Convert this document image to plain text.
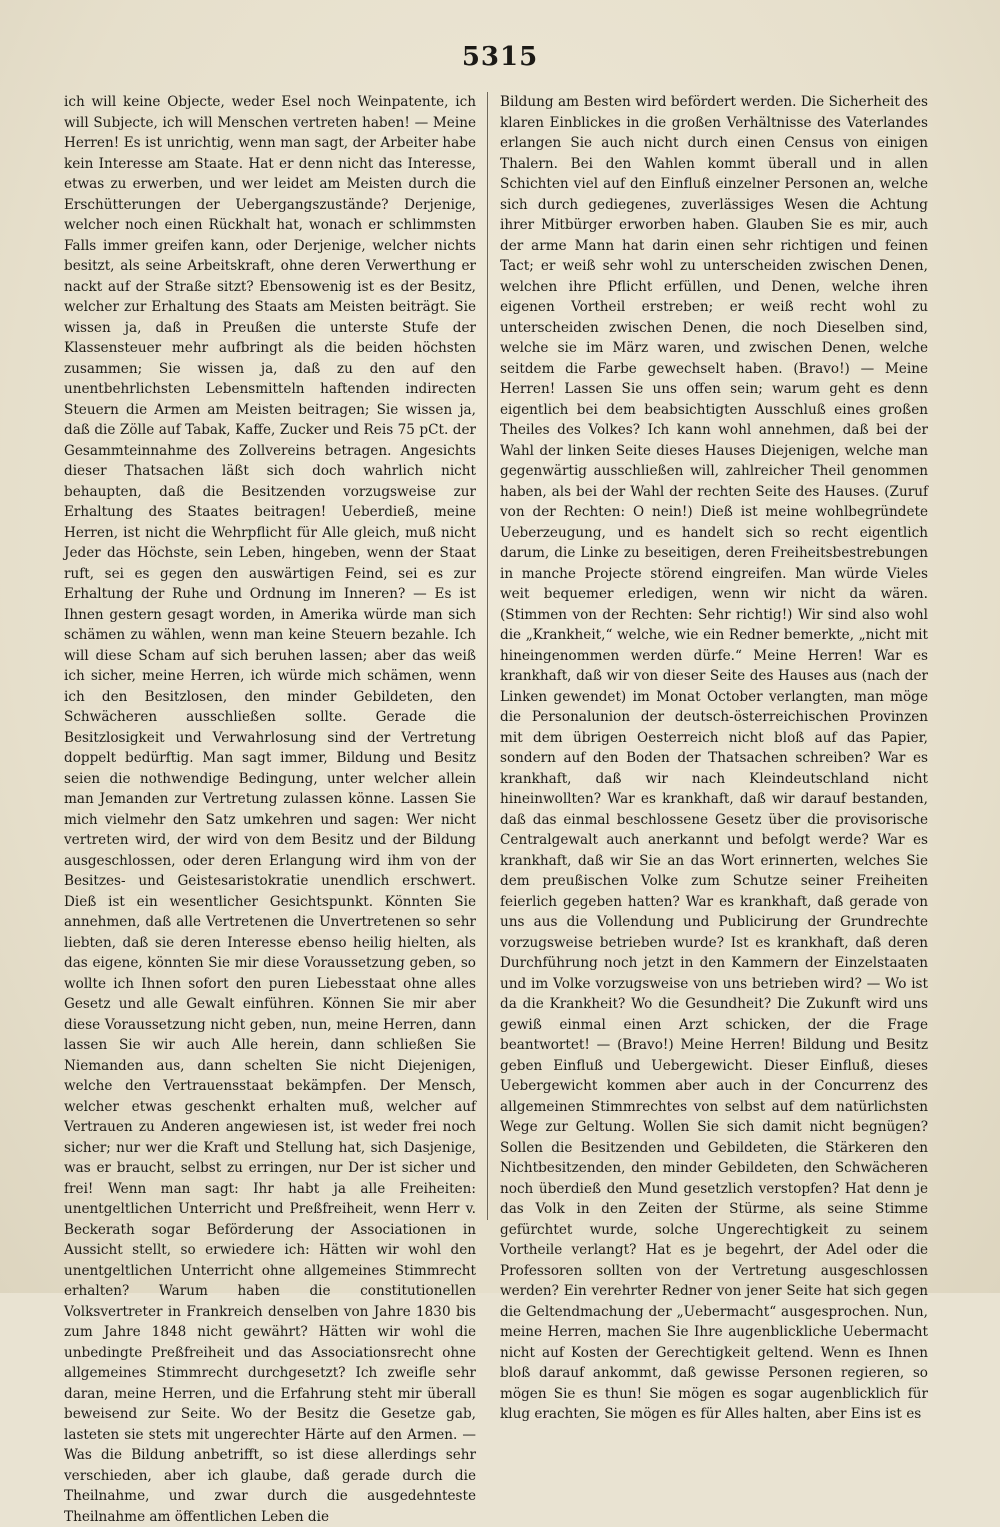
5315

ich will keine Objecte, weder Esel noch Weinpatente, ich will Subjecte, ich will Menschen vertreten haben! — Meine Herren! Es ist unrichtig, wenn man sagt, der Arbeiter habe kein Interesse am Staate. Hat er denn nicht das Interesse, etwas zu erwerben, und wer leidet am Meisten durch die Erschütterungen der Uebergangszustände? Derjenige, welcher noch einen Rückhalt hat, wonach er schlimmsten Falls immer greifen kann, oder Derjenige, welcher nichts besitzt, als seine Arbeitskraft, ohne deren Verwerthung er nackt auf der Straße sitzt? Ebensowenig ist es der Besitz, welcher zur Erhaltung des Staats am Meisten beiträgt. Sie wissen ja, daß in Preußen die unterste Stufe der Klassensteuer mehr aufbringt als die beiden höchsten zusammen; Sie wissen ja, daß zu den auf den unentbehrlichsten Lebensmitteln haftenden indirecten Steuern die Armen am Meisten beitragen; Sie wissen ja, daß die Zölle auf Tabak, Kaffe, Zucker und Reis 75 pCt. der Gesammteinnahme des Zollvereins betragen. Angesichts dieser Thatsachen läßt sich doch wahrlich nicht behaupten, daß die Besitzenden vorzugsweise zur Erhaltung des Staates beitragen! Ueberdieß, meine Herren, ist nicht die Wehrpflicht für Alle gleich, muß nicht Jeder das Höchste, sein Leben, hingeben, wenn der Staat ruft, sei es gegen den auswärtigen Feind, sei es zur Erhaltung der Ruhe und Ordnung im Inneren? — Es ist Ihnen gestern gesagt worden, in Amerika würde man sich schämen zu wählen, wenn man keine Steuern bezahle. Ich will diese Scham auf sich beruhen lassen; aber das weiß ich sicher, meine Herren, ich würde mich schämen, wenn ich den Besitzlosen, den minder Gebildeten, den Schwächeren ausschließen sollte. Gerade die Besitzlosigkeit und Verwahrlosung sind der Vertretung doppelt bedürftig. Man sagt immer, Bildung und Besitz seien die nothwendige Bedingung, unter welcher allein man Jemanden zur Vertretung zulassen könne. Lassen Sie mich vielmehr den Satz umkehren und sagen: Wer nicht vertreten wird, der wird von dem Besitz und der Bildung ausgeschlossen, oder deren Erlangung wird ihm von der Besitzes- und Geistesaristokratie unendlich erschwert. Dieß ist ein wesentlicher Gesichtspunkt. Könnten Sie annehmen, daß alle Vertretenen die Unvertretenen so sehr liebten, daß sie deren Interesse ebenso heilig hielten, als das eigene, könnten Sie mir diese Voraussetzung geben, so wollte ich Ihnen sofort den puren Liebesstaat ohne alles Gesetz und alle Gewalt einführen. Können Sie mir aber diese Voraussetzung nicht geben, nun, meine Herren, dann lassen Sie wir auch Alle herein, dann schließen Sie Niemanden aus, dann schelten Sie nicht Diejenigen, welche den Vertrauensstaat bekämpfen. Der Mensch, welcher etwas geschenkt erhalten muß, welcher auf Vertrauen zu Anderen angewiesen ist, ist weder frei noch sicher; nur wer die Kraft und Stellung hat, sich Dasjenige, was er braucht, selbst zu erringen, nur Der ist sicher und frei! Wenn man sagt: Ihr habt ja alle Freiheiten: unentgeltlichen Unterricht und Preßfreiheit, wenn Herr v. Beckerath sogar Beförderung der Associationen in Aussicht stellt, so erwiedere ich: Hätten wir wohl den unentgeltlichen Unterricht ohne allgemeines Stimmrecht erhalten? Warum haben die constitutionellen Volksvertreter in Frankreich denselben von Jahre 1830 bis zum Jahre 1848 nicht gewährt? Hätten wir wohl die unbedingte Preßfreiheit und das Associationsrecht ohne allgemeines Stimmrecht durchgesetzt? Ich zweifle sehr daran, meine Herren, und die Erfahrung steht mir überall beweisend zur Seite. Wo der Besitz die Gesetze gab, lasteten sie stets mit ungerechter Härte auf den Armen. — Was die Bildung anbetrifft, so ist diese allerdings sehr verschieden, aber ich glaube, daß gerade durch die Theilnahme, und zwar durch die ausgedehnteste Theilnahme am öffentlichen Leben die

Bildung am Besten wird befördert werden. Die Sicherheit des klaren Einblickes in die großen Verhältnisse des Vaterlandes erlangen Sie auch nicht durch einen Census von einigen Thalern. Bei den Wahlen kommt überall und in allen Schichten viel auf den Einfluß einzelner Personen an, welche sich durch gediegenes, zuverlässiges Wesen die Achtung ihrer Mitbürger erworben haben. Glauben Sie es mir, auch der arme Mann hat darin einen sehr richtigen und feinen Tact; er weiß sehr wohl zu unterscheiden zwischen Denen, welchen ihre Pflicht erfüllen, und Denen, welche ihren eigenen Vortheil erstreben; er weiß recht wohl zu unterscheiden zwischen Denen, die noch Dieselben sind, welche sie im März waren, und zwischen Denen, welche seitdem die Farbe gewechselt haben. (Bravo!) — Meine Herren! Lassen Sie uns offen sein; warum geht es denn eigentlich bei dem beabsichtigten Ausschluß eines großen Theiles des Volkes? Ich kann wohl annehmen, daß bei der Wahl der linken Seite dieses Hauses Diejenigen, welche man gegenwärtig ausschließen will, zahlreicher Theil genommen haben, als bei der Wahl der rechten Seite des Hauses. (Zuruf von der Rechten: O nein!) Dieß ist meine wohlbegründete Ueberzeugung, und es handelt sich so recht eigentlich darum, die Linke zu beseitigen, deren Freiheitsbestrebungen in manche Projecte störend eingreifen. Man würde Vieles weit bequemer erledigen, wenn wir nicht da wären. (Stimmen von der Rechten: Sehr richtig!) Wir sind also wohl die „Krankheit,“ welche, wie ein Redner bemerkte, „nicht mit hineingenommen werden dürfe.“ Meine Herren! War es krankhaft, daß wir von dieser Seite des Hauses aus (nach der Linken gewendet) im Monat October verlangten, man möge die Personalunion der deutsch-österreichischen Provinzen mit dem übrigen Oesterreich nicht bloß auf das Papier, sondern auf den Boden der Thatsachen schreiben? War es krankhaft, daß wir nach Kleindeutschland nicht hineinwollten? War es krankhaft, daß wir darauf bestanden, daß das einmal beschlossene Gesetz über die provisorische Centralgewalt auch anerkannt und befolgt werde? War es krankhaft, daß wir Sie an das Wort erinnerten, welches Sie dem preußischen Volke zum Schutze seiner Freiheiten feierlich gegeben hatten? War es krankhaft, daß gerade von uns aus die Vollendung und Publicirung der Grundrechte vorzugsweise betrieben wurde? Ist es krankhaft, daß deren Durchführung noch jetzt in den Kammern der Einzelstaaten und im Volke vorzugsweise von uns betrieben wird? — Wo ist da die Krankheit? Wo die Gesundheit? Die Zukunft wird uns gewiß einmal einen Arzt schicken, der die Frage beantwortet! — (Bravo!) Meine Herren! Bildung und Besitz geben Einfluß und Uebergewicht. Dieser Einfluß, dieses Uebergewicht kommen aber auch in der Concurrenz des allgemeinen Stimmrechtes von selbst auf dem natürlichsten Wege zur Geltung. Wollen Sie sich damit nicht begnügen? Sollen die Besitzenden und Gebildeten, die Stärkeren den Nichtbesitzenden, den minder Gebildeten, den Schwächeren noch überdieß den Mund gesetzlich verstopfen? Hat denn je das Volk in den Zeiten der Stürme, als seine Stimme gefürchtet wurde, solche Ungerechtigkeit zu seinem Vortheile verlangt? Hat es je begehrt, der Adel oder die Professoren sollten von der Vertretung ausgeschlossen werden? Ein verehrter Redner von jener Seite hat sich gegen die Geltendmachung der „Uebermacht“ ausgesprochen. Nun, meine Herren, machen Sie Ihre augenblickliche Uebermacht nicht auf Kosten der Gerechtigkeit geltend. Wenn es Ihnen bloß darauf ankommt, daß gewisse Personen regieren, so mögen Sie es thun! Sie mögen es sogar augenblicklich für klug erachten, Sie mögen es für Alles halten, aber Eins ist es
